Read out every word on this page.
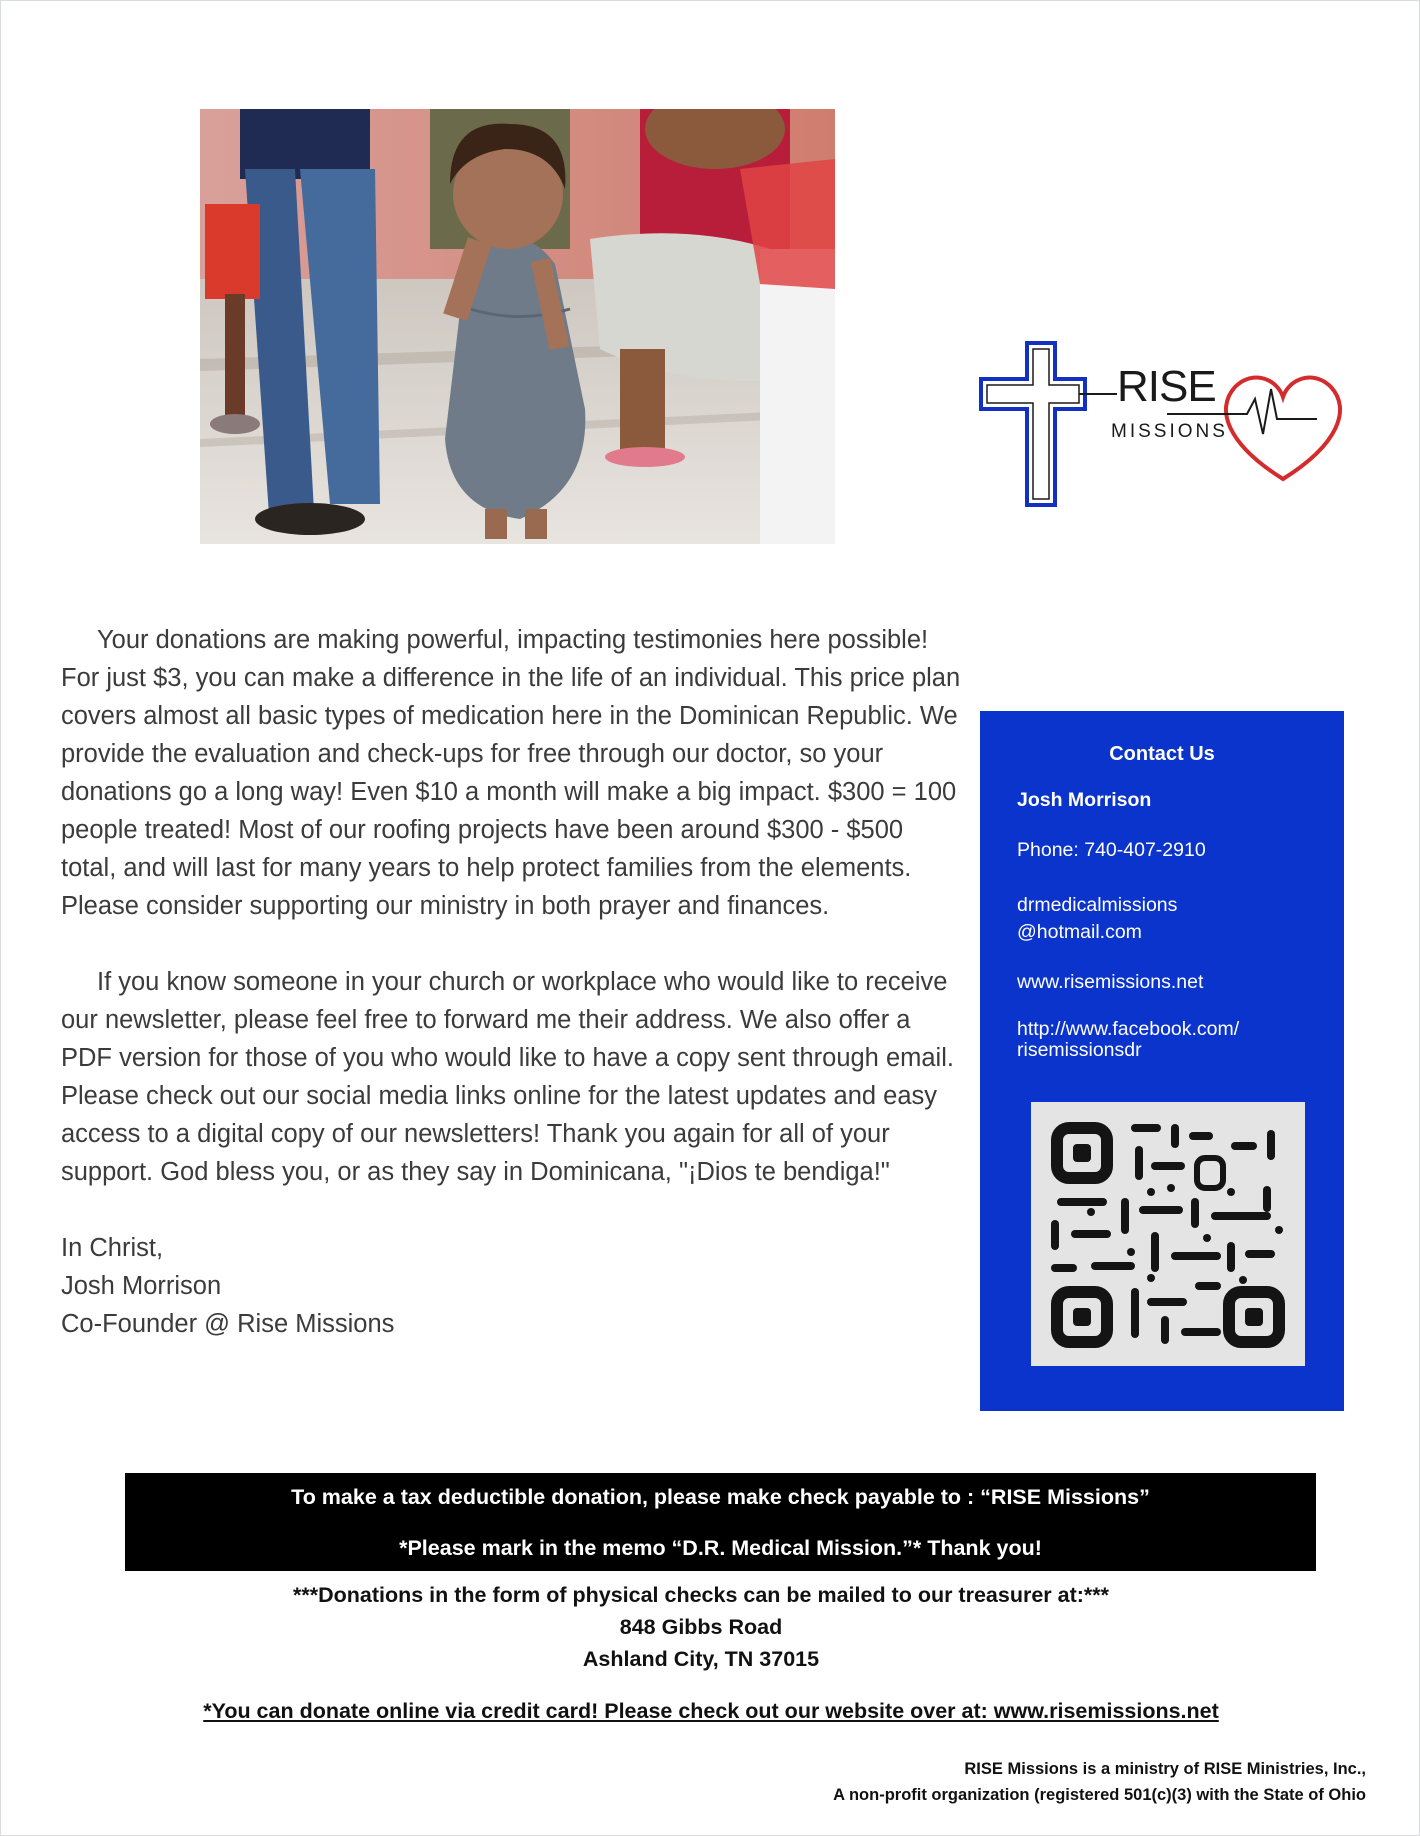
RISE
MISSIONS

Your donations are making powerful, impacting testimonies here possible! For just $3, you can make a difference in the life of an individual. This price plan covers almost all basic types of medication here in the Dominican Republic. We provide the evaluation and check-ups for free through our doctor, so your donations go a long way! Even $10 a month will make a big impact. $300 = 100 people treated! Most of our roofing projects have been around $300 - $500 total, and will last for many years to help protect families from the elements. Please consider supporting our ministry in both prayer and finances.

If you know someone in your church or workplace who would like to receive our newsletter, please feel free to forward me their address. We also offer a PDF version for those of you who would like to have a copy sent through email. Please check out our social media links online for the latest updates and easy access to a digital copy of our newsletters! Thank you again for all of your support. God bless you, or as they say in Dominicana, "¡Dios te bendiga!"

In Christ,

Josh Morrison

Co-Founder @ Rise Missions

Contact Us
Josh Morrison
Phone: 740-407-2910
drmedicalmissions
@hotmail.com
www.risemissions.net
http://www.facebook.com/
risemissionsdr
To make a tax deductible donation, please make check payable to : “RISE Missions”
*Please mark in the memo “D.R. Medical Mission.”* Thank you!
***Donations in the form of physical checks can be mailed to our treasurer at:***
848 Gibbs Road
Ashland City, TN 37015
*You can donate online via credit card! Please check out our website over at: www.risemissions.net
RISE Missions is a ministry of RISE Ministries, Inc.,
A non-profit organization (registered 501(c)(3) with the State of Ohio
